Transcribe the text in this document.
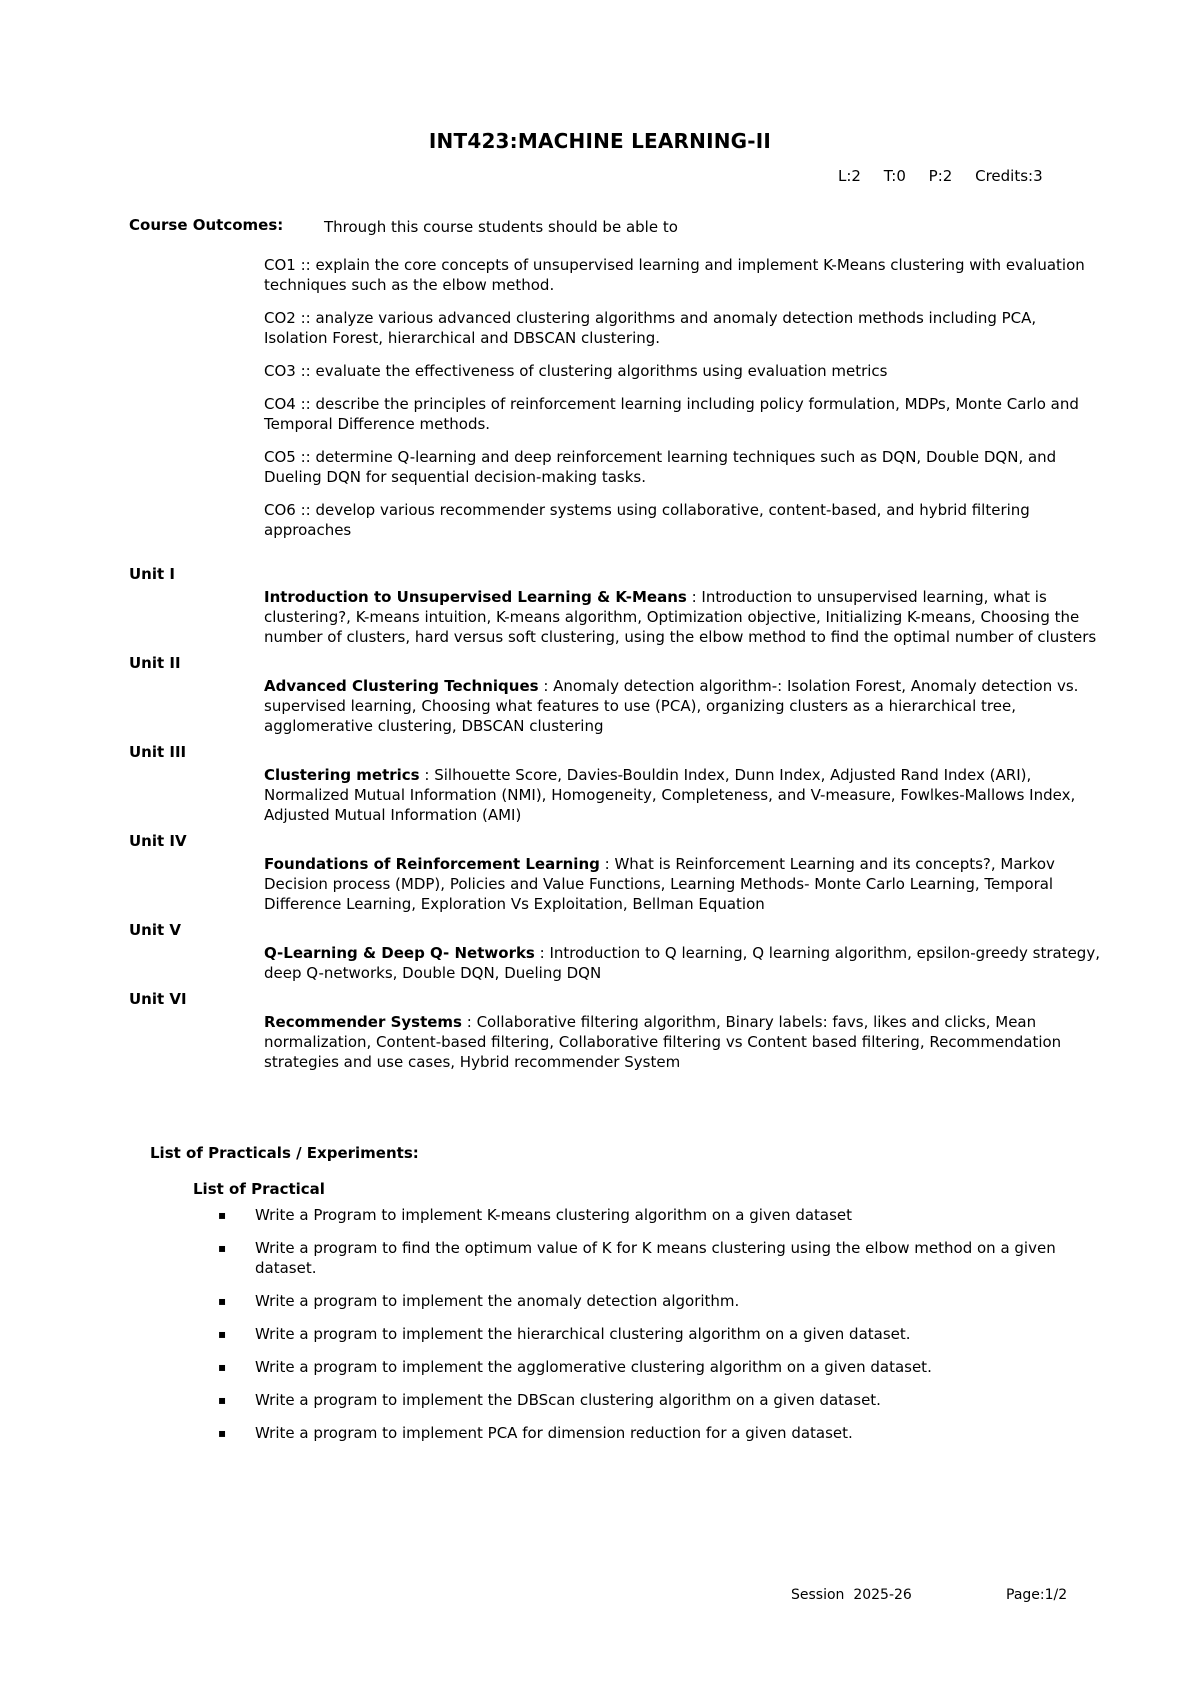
INT423:MACHINE LEARNING-II
L:2 T:0 P:2 Credits:3
Course Outcomes:	Through this course students should be able to
CO1 :: explain the core concepts of unsupervised learning and implement K-Means clustering with evaluation techniques such as the elbow method.
CO2 :: analyze various advanced clustering algorithms and anomaly detection methods including PCA, Isolation Forest, hierarchical and DBSCAN clustering.
CO3 :: evaluate the effectiveness of clustering algorithms using evaluation metrics
CO4 :: describe the principles of reinforcement learning including policy formulation, MDPs, Monte Carlo and Temporal Difference methods.
CO5 :: determine Q-learning and deep reinforcement learning techniques such as DQN, Double DQN, and Dueling DQN for sequential decision-making tasks.
CO6 :: develop various recommender systems using collaborative, content-based, and hybrid filtering approaches
Unit I
Introduction to Unsupervised Learning & K-Means : Introduction to unsupervised learning, what is clustering?, K-means intuition, K-means algorithm, Optimization objective, Initializing K-means, Choosing the number of clusters, hard versus soft clustering, using the elbow method to find the optimal number of clusters
Unit II
Advanced Clustering Techniques : Anomaly detection algorithm-: Isolation Forest, Anomaly detection vs. supervised learning, Choosing what features to use (PCA), organizing clusters as a hierarchical tree, agglomerative clustering, DBSCAN clustering
Unit III
Clustering metrics : Silhouette Score, Davies-Bouldin Index, Dunn Index, Adjusted Rand Index (ARI), Normalized Mutual Information (NMI), Homogeneity, Completeness, and V-measure, Fowlkes-Mallows Index, Adjusted Mutual Information (AMI)
Unit IV
Foundations of Reinforcement Learning : What is Reinforcement Learning and its concepts?, Markov Decision process (MDP), Policies and Value Functions, Learning Methods- Monte Carlo Learning, Temporal Difference Learning, Exploration Vs Exploitation, Bellman Equation
Unit V
Q-Learning & Deep Q- Networks : Introduction to Q learning, Q learning algorithm, epsilon-greedy strategy, deep Q-networks, Double DQN, Dueling DQN
Unit VI
Recommender Systems : Collaborative filtering algorithm, Binary labels: favs, likes and clicks, Mean normalization, Content-based filtering, Collaborative filtering vs Content based filtering, Recommendation strategies and use cases, Hybrid recommender System
List of Practicals / Experiments:
List of Practical
▪ Write a Program to implement K-means clustering algorithm on a given dataset
▪ Write a program to find the optimum value of K for K means clustering using the elbow method on a given dataset.
▪ Write a program to implement the anomaly detection algorithm.
▪ Write a program to implement the hierarchical clustering algorithm on a given dataset.
▪ Write a program to implement the agglomerative clustering algorithm on a given dataset.
▪ Write a program to implement the DBScan clustering algorithm on a given dataset.
▪ Write a program to implement PCA for dimension reduction for a given dataset.
Session  2025-26	Page:1/2
